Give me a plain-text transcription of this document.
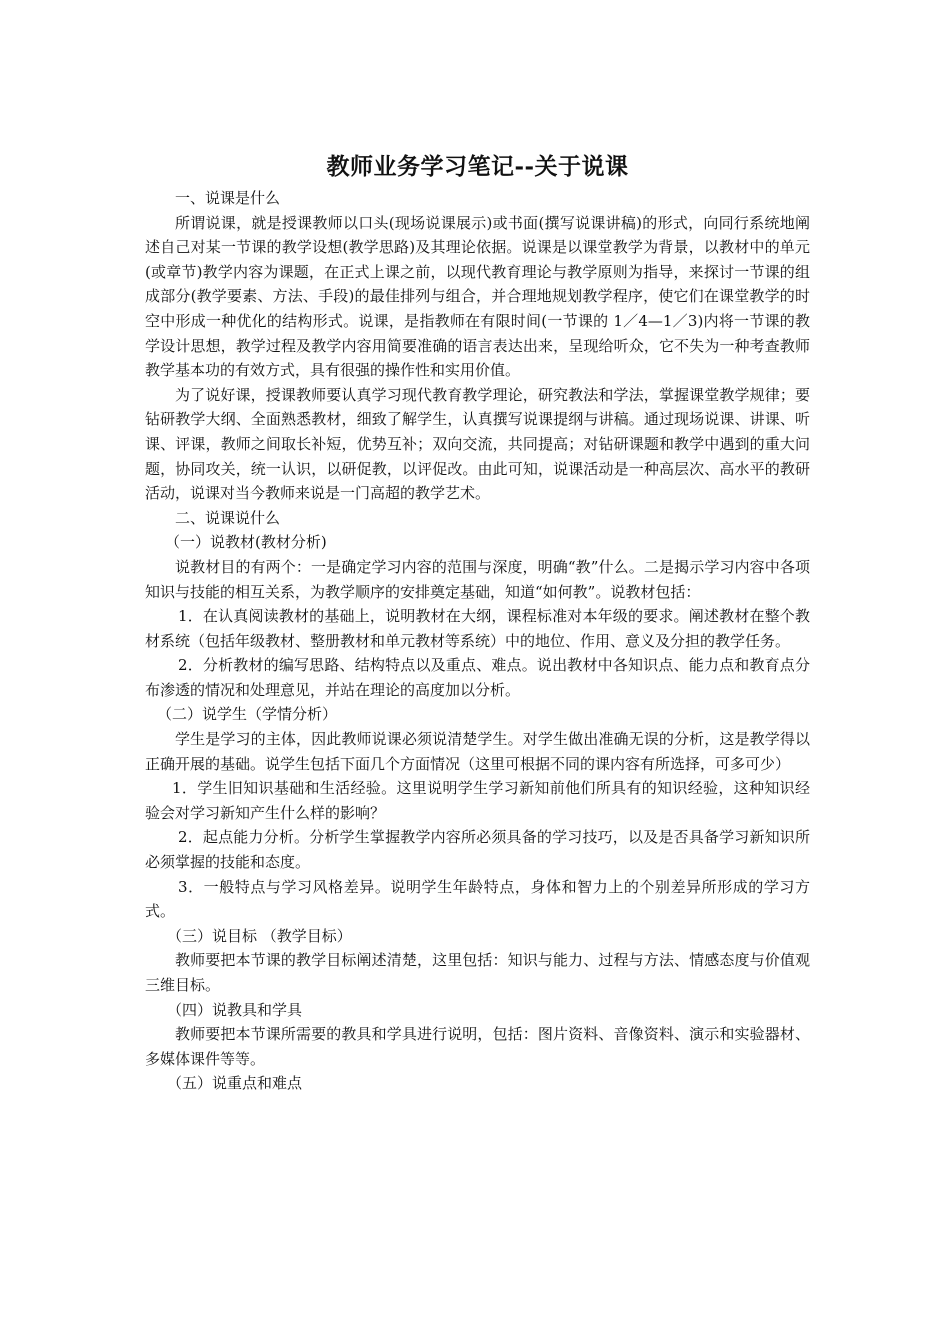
教师业务学习笔记--关于说课
一、说课是什么
所谓说课，就是授课教师以口头(现场说课展示)或书面(撰写说课讲稿)的形式，向同行系统地阐述自己对某一节课的教学设想(教学思路)及其理论依据。说课是以课堂教学为背景，以教材中的单元(或章节)教学内容为课题，在正式上课之前，以现代教育理论与教学原则为指导，来探讨一节课的组成部分(教学要素、方法、手段)的最佳排列与组合，并合理地规划教学程序，使它们在课堂教学的时空中形成一种优化的结构形式。说课，是指教师在有限时间(一节课的 1／4—1／3)内将一节课的教学设计思想，教学过程及教学内容用简要准确的语言表达出来，呈现给听众，它不失为一种考查教师教学基本功的有效方式，具有很强的操作性和实用价值。
为了说好课，授课教师要认真学习现代教育教学理论，研究教法和学法，掌握课堂教学规律；要钻研教学大纲、全面熟悉教材，细致了解学生，认真撰写说课提纲与讲稿。通过现场说课、讲课、听课、评课，教师之间取长补短，优势互补；双向交流，共同提高；对钻研课题和教学中遇到的重大问题，协同攻关，统一认识，以研促教，以评促改。由此可知，说课活动是一种高层次、高水平的教研活动，说课对当今教师来说是一门高超的教学艺术。
二、说课说什么
（一）说教材(教材分析)
说教材目的有两个：一是确定学习内容的范围与深度，明确“教”什么。二是揭示学习内容中各项知识与技能的相互关系，为教学顺序的安排奠定基础，知道“如何教”。说教材包括：
1．在认真阅读教材的基础上，说明教材在大纲，课程标准对本年级的要求。阐述教材在整个教材系统（包括年级教材、整册教材和单元教材等系统）中的地位、作用、意义及分担的教学任务。
2．分析教材的编写思路、结构特点以及重点、难点。说出教材中各知识点、能力点和教育点分布渗透的情况和处理意见，并站在理论的高度加以分析。
（二）说学生（学情分析）
学生是学习的主体，因此教师说课必须说清楚学生。对学生做出准确无误的分析，这是教学得以正确开展的基础。说学生包括下面几个方面情况（这里可根据不同的课内容有所选择，可多可少）
1．学生旧知识基础和生活经验。这里说明学生学习新知前他们所具有的知识经验，这种知识经验会对学习新知产生什么样的影响？
2．起点能力分析。分析学生掌握教学内容所必须具备的学习技巧，以及是否具备学习新知识所必须掌握的技能和态度。
3．一般特点与学习风格差异。说明学生年龄特点，身体和智力上的个别差异所形成的学习方式。
（三）说目标 （教学目标）
教师要把本节课的教学目标阐述清楚，这里包括：知识与能力、过程与方法、情感态度与价值观三维目标。
（四）说教具和学具
教师要把本节课所需要的教具和学具进行说明，包括：图片资料、音像资料、演示和实验器材、多媒体课件等等。
（五）说重点和难点
